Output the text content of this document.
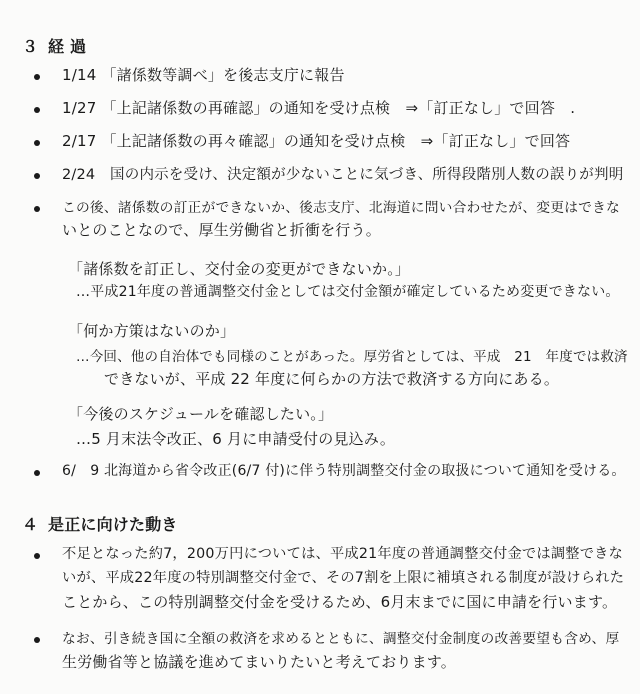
３ 経 過
1/14 「諸係数等調べ」を後志支庁に報告
1/27 「上記諸係数の再確認」の通知を受け点検　⇒「訂正なし」で回答　.
2/17 「上記諸係数の再々確認」の通知を受け点検　⇒「訂正なし」で回答
2/24　国の内示を受け、決定額が少ないことに気づき、所得段階別人数の誤りが判明
この後、諸係数の訂正ができないか、後志支庁、北海道に問い合わせたが、変更はできな
いとのことなので、厚生労働省と折衝を行う。
「諸係数を訂正し、交付金の変更ができないか。」
…平成21年度の普通調整交付金としては交付金額が確定しているため変更できない。
「何か方策はないのか」
…今回、他の自治体でも同様のことがあった。厚労省としては、平成　21　年度では救済
できないが、平成 22 年度に何らかの方法で救済する方向にある。
「今後のスケジュールを確認したい。」
…5 月末法令改正、6 月に申請受付の見込み。
6/　9 北海道から省令改正(6/7 付)に伴う特別調整交付金の取扱について通知を受ける。
４ 是正に向けた動き
不足となった約7，200万円については、平成21年度の普通調整交付金では調整できな
いが、平成22年度の特別調整交付金で、その7割を上限に補填される制度が設けられた
ことから、この特別調整交付金を受けるため、6月末までに国に申請を行います。
なお、引き続き国に全額の救済を求めるとともに、調整交付金制度の改善要望も含め、厚
生労働省等と協議を進めてまいりたいと考えております。
